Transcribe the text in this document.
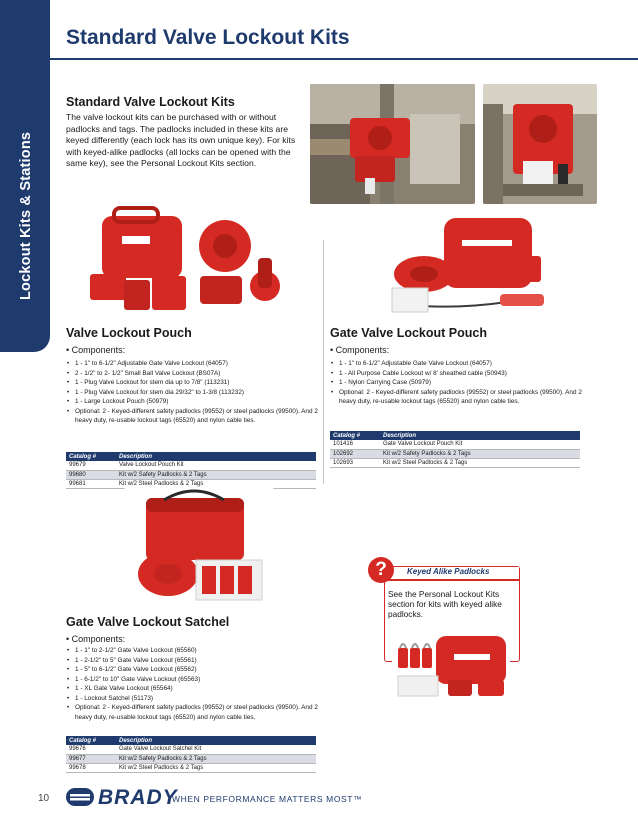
Lockout Kits & Stations
Standard Valve Lockout Kits
Standard Valve Lockout Kits

The valve lockout kits can be purchased with or without padlocks and tags. The padlocks included in these kits are keyed differently (each lock has its own unique key). For kits with keyed-alike padlocks (all locks can be opened with the same key), see the Personal Lockout Kits section.

Valve Lockout Pouch
• Components:
• 1 - 1" to 6-1/2" Adjustable Gate Valve Lockout (64057)
• 2 - 1/2" to 2- 1/2" Small Ball Valve Lockout (BS07A)
• 1 - Plug Valve Lockout for stem dia up to 7/8" (113231)
• 1 - Plug Valve Lockout for stem dia 29/32" to 1-3/8 (113232)
• 1 - Large Lockout Pouch (50979)
• Optional: 2 - Keyed-different safety padlocks (99552) or steel padlocks (99500). And 2 heavy duty, re-usable lockout tags (65520) and nylon cable ties.
Catalog #	Description
99679	Valve Lockout Pouch Kit
99680	Kit w/2 Safety Padlocks & 2 Tags
99681	Kit w/2 Steel Padlocks & 2 Tags
Gate Valve Lockout Pouch
• Components:
• 1 - 1" to 6-1/2" Adjustable Gate Valve Lockout (64057)
• 1 - All Purpose Cable Lockout w/ 8' sheathed cable (50943)
• 1 - Nylon Carrying Case (50979)
• Optional: 2 - Keyed-different safety padlocks (99552) or steel padlocks (99500). And 2 heavy duty, re-usable lockout tags (65520) and nylon cable ties.
Catalog #	Description
101416	Gate Valve Lockout Pouch Kit
102692	Kit w/2 Safety Padlocks & 2 Tags
102693	Kit w/2 Steel Padlocks & 2 Tags
Gate Valve Lockout Satchel
• Components:
• 1 - 1" to 2-1/2" Gate Valve Lockout (65560)
• 1 - 2-1/2" to 5" Gate Valve Lockout (65561)
• 1 - 5" to 6-1/2" Gate Valve Lockout (65562)
• 1 - 6-1/2" to 10" Gate Valve Lockout (65563)
• 1 - XL Gate Valve Lockout (65564)
• 1 - Lockout Satchel (51173)
• Optional: 2 - Keyed-different safety padlocks (99552) or steel padlocks (99500). And 2 heavy duty, re-usable lockout tags (65520) and nylon cable ties.
Catalog #	Description
99676	Gate Valve Lockout Satchel Kit
99677	Kit w/2 Safety Padlocks & 2 Tags
99678	Kit w/2 Steel Padlocks & 2 Tags
Keyed Alike Padlocks
?

See the Personal Lockout Kits section for kits with keyed alike padlocks.

10 BRADY
WHEN PERFORMANCE MATTERS MOST™
